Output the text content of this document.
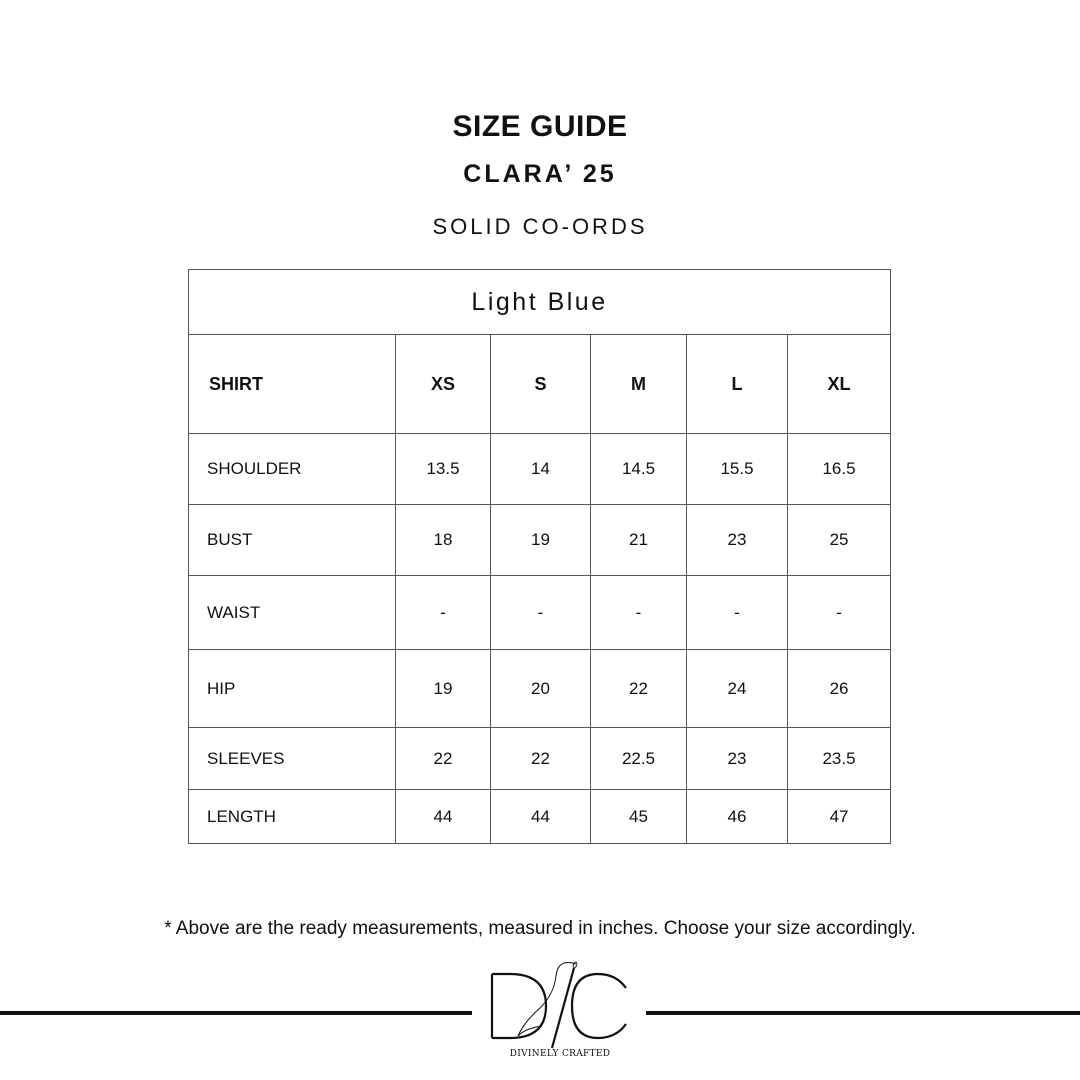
SIZE GUIDE
CLARA’ 25
SOLID CO-ORDS
Light Blue					
SHIRT	XS	S	M	L	XL
SHOULDER	13.5	14	14.5	15.5	16.5
BUST	18	19	21	23	25
WAIST	-	-	-	-	-
HIP	19	20	22	24	26
SLEEVES	22	22	22.5	23	23.5
LENGTH	44	44	45	46	47
* Above are the ready measurements, measured in inches. Choose your size accordingly.
DIVINELY CRAFTED
